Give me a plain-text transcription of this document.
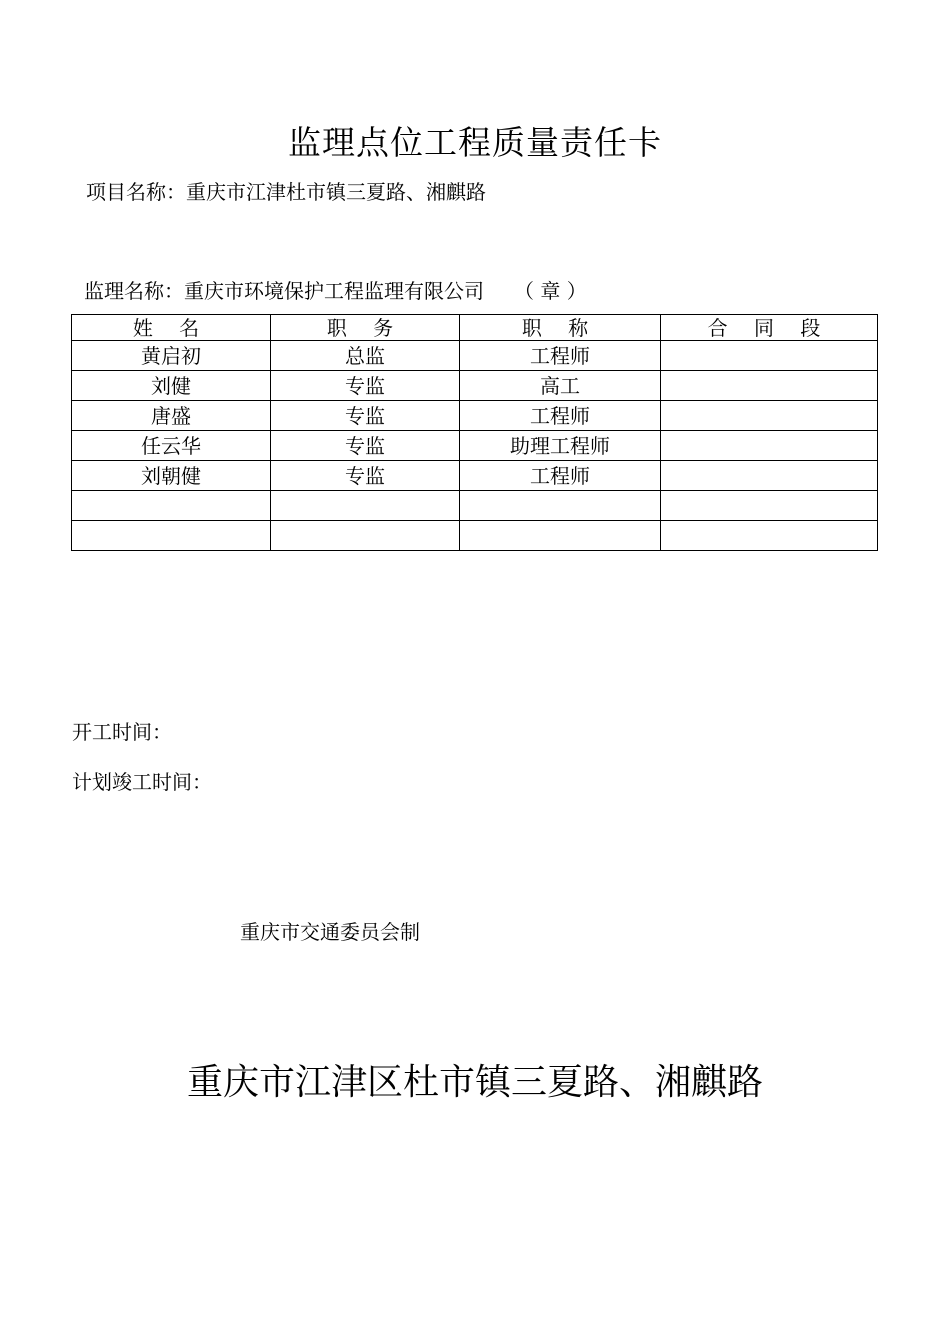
监理点位工程质量责任卡
项目名称：重庆市江津杜市镇三夏路、湘麒路
监理名称：重庆市环境保护工程监理有限公司 （ 章 ）
姓 名	职 务	职 称	合 同 段
黄启初	总监	工程师	
刘健	专监	高工	
唐盛	专监	工程师	
任云华	专监	助理工程师	
刘朝健	专监	工程师	

开工时间：
计划竣工时间：
重庆市交通委员会制
重庆市江津区杜市镇三夏路、湘麒路
